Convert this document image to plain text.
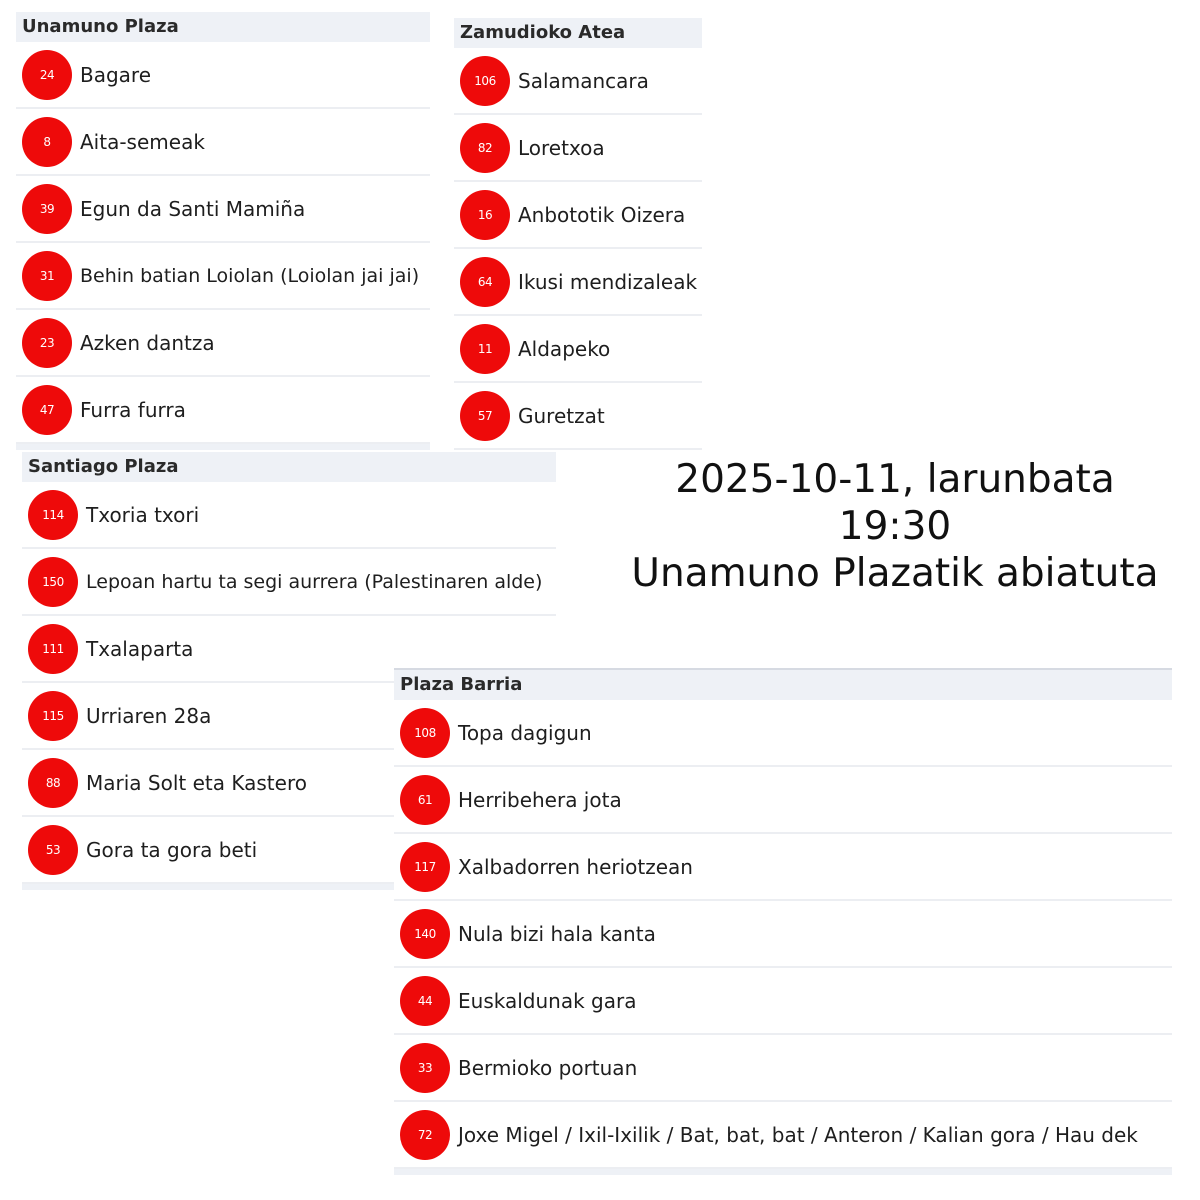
Unamuno Plaza
24	Bagare
8	Aita-semeak
39	Egun da Santi Mamiña
31	Behin batian Loiolan (Loiolan jai jai)
23	Azken dantza
47	Furra furra
Zamudioko Atea
106	Salamancara
82	Loretxoa
16	Anbototik Oizera
64	Ikusi mendizaleak
11	Aldapeko
57	Guretzat
Santiago Plaza
114	Txoria txori
150	Lepoan hartu ta segi aurrera (Palestinaren alde)
111	Txalaparta
115	Urriaren 28a
88	Maria Solt eta Kastero
53	Gora ta gora beti
Plaza Barria
108	Topa dagigun
61	Herribehera jota
117	Xalbadorren heriotzean
140	Nula bizi hala kanta
44	Euskaldunak gara
33	Bermioko portuan
72	Joxe Migel / Ixil-Ixilik / Bat, bat, bat / Anteron / Kalian gora / Hau dek
2025-10-11, larunbata
19:30
Unamuno Plazatik abiatuta
